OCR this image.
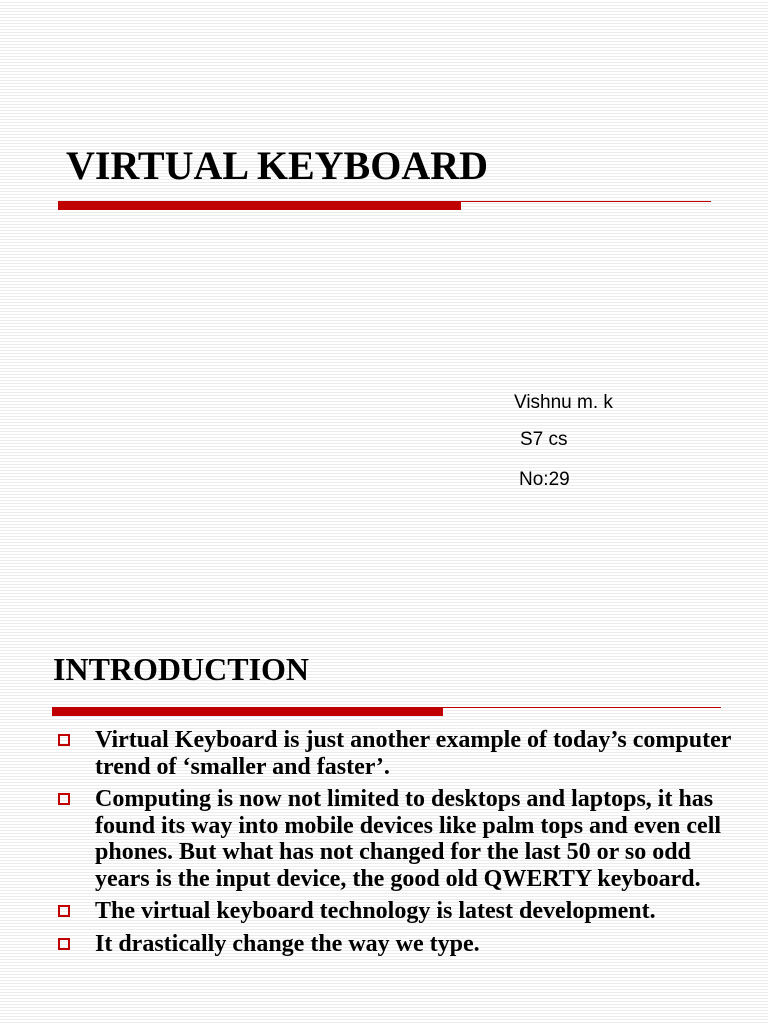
VIRTUAL KEYBOARD
Vishnu m. k
S7 cs
No:29
INTRODUCTION
Virtual Keyboard is just another example of today’s computer trend of ‘smaller and faster’.
Computing is now not limited to desktops and laptops, it has found its way into mobile devices like palm tops and even cell phones. But what has not changed for the last 50 or so odd years is the input device, the good old QWERTY keyboard.
The virtual keyboard technology is latest development.
It drastically change the way we type.
